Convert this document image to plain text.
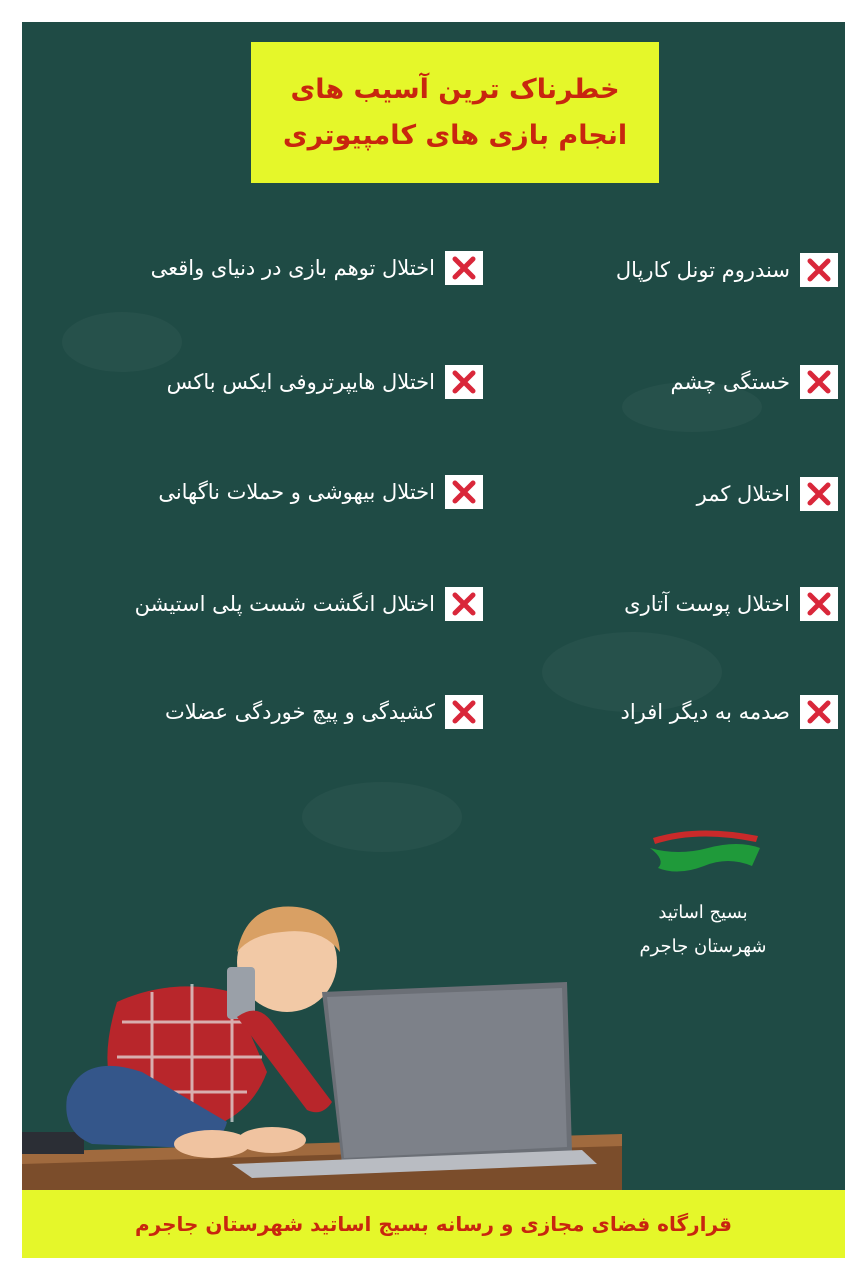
خطرناک ترین آسیب های
انجام بازی های کامپیوتری
سندروم تونل کارپال
خستگی چشم
اختلال کمر
اختلال پوست آتاری
صدمه به دیگر افراد
اختلال توهم بازی در دنیای واقعی
اختلال هایپرتروفی ایکس باکس
اختلال بیهوشی و حملات ناگهانی
اختلال انگشت شست پلی استیشن
کشیدگی و پیچ خوردگی عضلات
بسیج اساتید
شهرستان جاجرم
قرارگاه فضای مجازی و رسانه بسیج اساتید شهرستان جاجرم
